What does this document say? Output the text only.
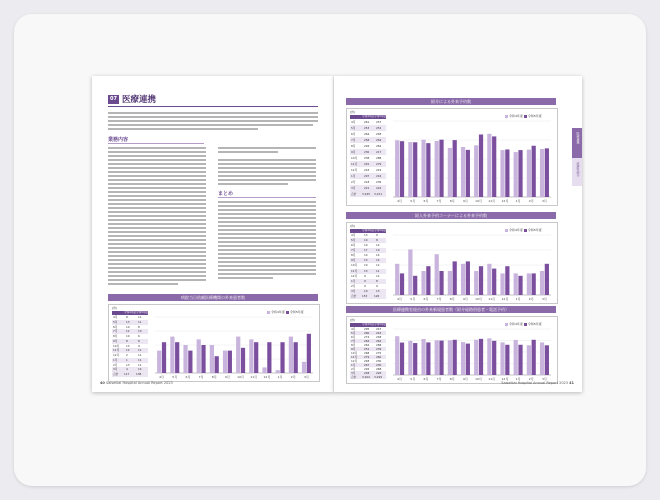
07 医療連携
業務内容
まとめ
病院当日依頼医療機関の外来患者数
(件)
令和4年度 令和5年度
4月	8	11
5月	13	11
6月	10	8
7月	12	10
8月	10	6
9月	8	8
10月 13	9
11月 12	11
12月 2	11
1月	1	11
2月	13	11
3月	4	14
合計 117 138
令和4年度 令和5年度
4月	5月	6月	7月	8月	9月 10月 11月 12月 1月	2月	3月
40 Saiseikai Hospital Annual Report 2023
紹介による外来予約数
(件)
令和4年度 令和5年度
4月	261 257
5月	253 252
6月	264 248
7月	258 264
8月	226 262
9月	230 217
10月 238 288
11月 291 279
12月 216 219
1月	207 216
2月	218 236
3月	221 224
合計 3,165 3,151
令和4年度 令和5年度
4月	5月	6月	7月	8月	9月 10月 11月 12月 1月	2月	3月
紹入外来予約コーナーによる外来予約数
(件)
令和4年度 令和5年度
4月	13	9
5月	19	8
6月	10	12
7月	17	10
8月	10	14
9月	13	14
10月 10	12
11月 13	11
12月 9	12
1月	9	8
2月	9	9
3月	10	13
合計 153 126
令和4年度 令和5年度
4月	5月	6月	7月	8月	9月 10月 11月 12月 1月	2月	3月
医療連携室経由の外来新規患者数（紹介経路別患者・電話予約）
(件)
令和4年度 令和5年度
4月	295 247
5月	260 243
6月	274 248
7月	264 262
8月	264 268
9月	251 239
10月 268 275
11月 279 260
12月 248 230
1月	267 230
2月	226 268
3月	248 226
合計 3,202 3,299
令和4年度 令和5年度
4月	5月	6月	7月	8月	9月 10月 11月 12月 1月	2月	3月
医療連携
診療科紹介
Saiseikai Hospital Annual Report 2023 41
